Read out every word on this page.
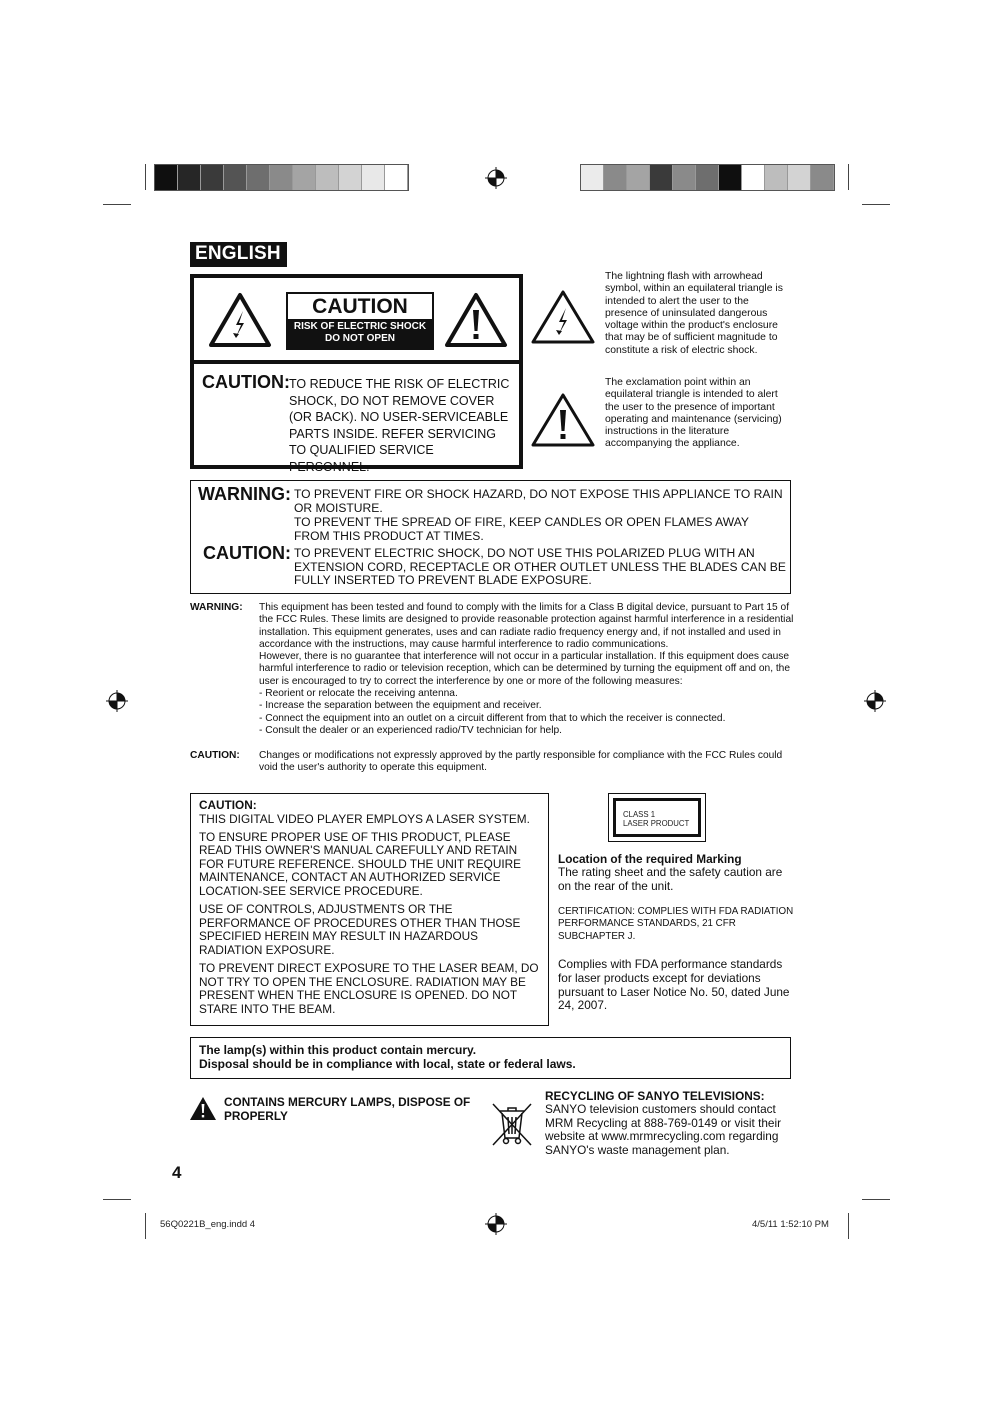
ENGLISH
CAUTION
RISK OF ELECTRIC SHOCK
DO NOT OPEN
CAUTION: TO REDUCE THE RISK OF ELECTRIC SHOCK, DO NOT REMOVE COVER (OR BACK). NO USER-SERVICEABLE PARTS INSIDE. REFER SERVICING TO QUALIFIED SERVICE PERSONNEL.
The lightning flash with arrowhead symbol, within an equilateral triangle is intended to alert the user to the presence of uninsulated dangerous voltage within the product's enclosure that may be of sufficient magnitude to constitute a risk of electric shock.
The exclamation point within an equilateral triangle is intended to alert the user to the presence of important operating and maintenance (servicing) instructions in the literature accompanying the appliance.
WARNING: TO PREVENT FIRE OR SHOCK HAZARD, DO NOT EXPOSE THIS APPLIANCE TO RAIN OR MOISTURE.
TO PREVENT THE SPREAD OF FIRE, KEEP CANDLES OR OPEN FLAMES AWAY FROM THIS PRODUCT AT TIMES.
CAUTION: TO PREVENT ELECTRIC SHOCK, DO NOT USE THIS POLARIZED PLUG WITH AN EXTENSION CORD, RECEPTACLE OR OTHER OUTLET UNLESS THE BLADES CAN BE FULLY INSERTED TO PREVENT BLADE EXPOSURE.
WARNING: This equipment has been tested and found to comply with the limits for a Class B digital device, pursuant to Part 15 of the FCC Rules. These limits are designed to provide reasonable protection against harmful interference in a residential installation. This equipment generates, uses and can radiate radio frequency energy and, if not installed and used in accordance with the instructions, may cause harmful interference to radio communications.
However, there is no guarantee that interference will not occur in a particular installation. If this equipment does cause harmful interference to radio or television reception, which can be determined by turning the equipment off and on, the user is encouraged to try to correct the interference by one or more of the following measures:
- Reorient or relocate the receiving antenna.
- Increase the separation between the equipment and receiver.
- Connect the equipment into an outlet on a circuit different from that to which the receiver is connected.
- Consult the dealer or an experienced radio/TV technician for help.
CAUTION: Changes or modifications not expressly approved by the partly responsible for compliance with the FCC Rules could void the user's authority to operate this equipment.

CAUTION:

THIS DIGITAL VIDEO PLAYER EMPLOYS A LASER SYSTEM.

TO ENSURE PROPER USE OF THIS PRODUCT, PLEASE READ THIS OWNER'S MANUAL CAREFULLY AND RETAIN FOR FUTURE REFERENCE. SHOULD THE UNIT REQUIRE MAINTENANCE, CONTACT AN AUTHORIZED SERVICE LOCATION-SEE SERVICE PROCEDURE.

USE OF CONTROLS, ADJUSTMENTS OR THE PERFORMANCE OF PROCEDURES OTHER THAN THOSE SPECIFIED HEREIN MAY RESULT IN HAZARDOUS RADIATION EXPOSURE.

TO PREVENT DIRECT EXPOSURE TO THE LASER BEAM, DO NOT TRY TO OPEN THE ENCLOSURE. RADIATION MAY BE PRESENT WHEN THE ENCLOSURE IS OPENED. DO NOT STARE INTO THE BEAM.

CLASS 1
LASER PRODUCT
Location of the required Marking
The rating sheet and the safety caution are on the rear of the unit.
CERTIFICATION: COMPLIES WITH FDA RADIATION PERFORMANCE STANDARDS, 21 CFR SUBCHAPTER J.
Complies with FDA performance standards for laser products except for deviations pursuant to Laser Notice No. 50, dated June 24, 2007.
The lamp(s) within this product contain mercury.
Disposal should be in compliance with local, state or federal laws.
CONTAINS MERCURY LAMPS, DISPOSE OF PROPERLY
RECYCLING OF SANYO TELEVISIONS:
SANYO television customers should contact MRM Recycling at 888-769-0149 or visit their website at www.mrmrecycling.com regarding SANYO's waste management plan.
4
56Q0221B_eng.indd 4	4/5/11 1:52:10 PM
